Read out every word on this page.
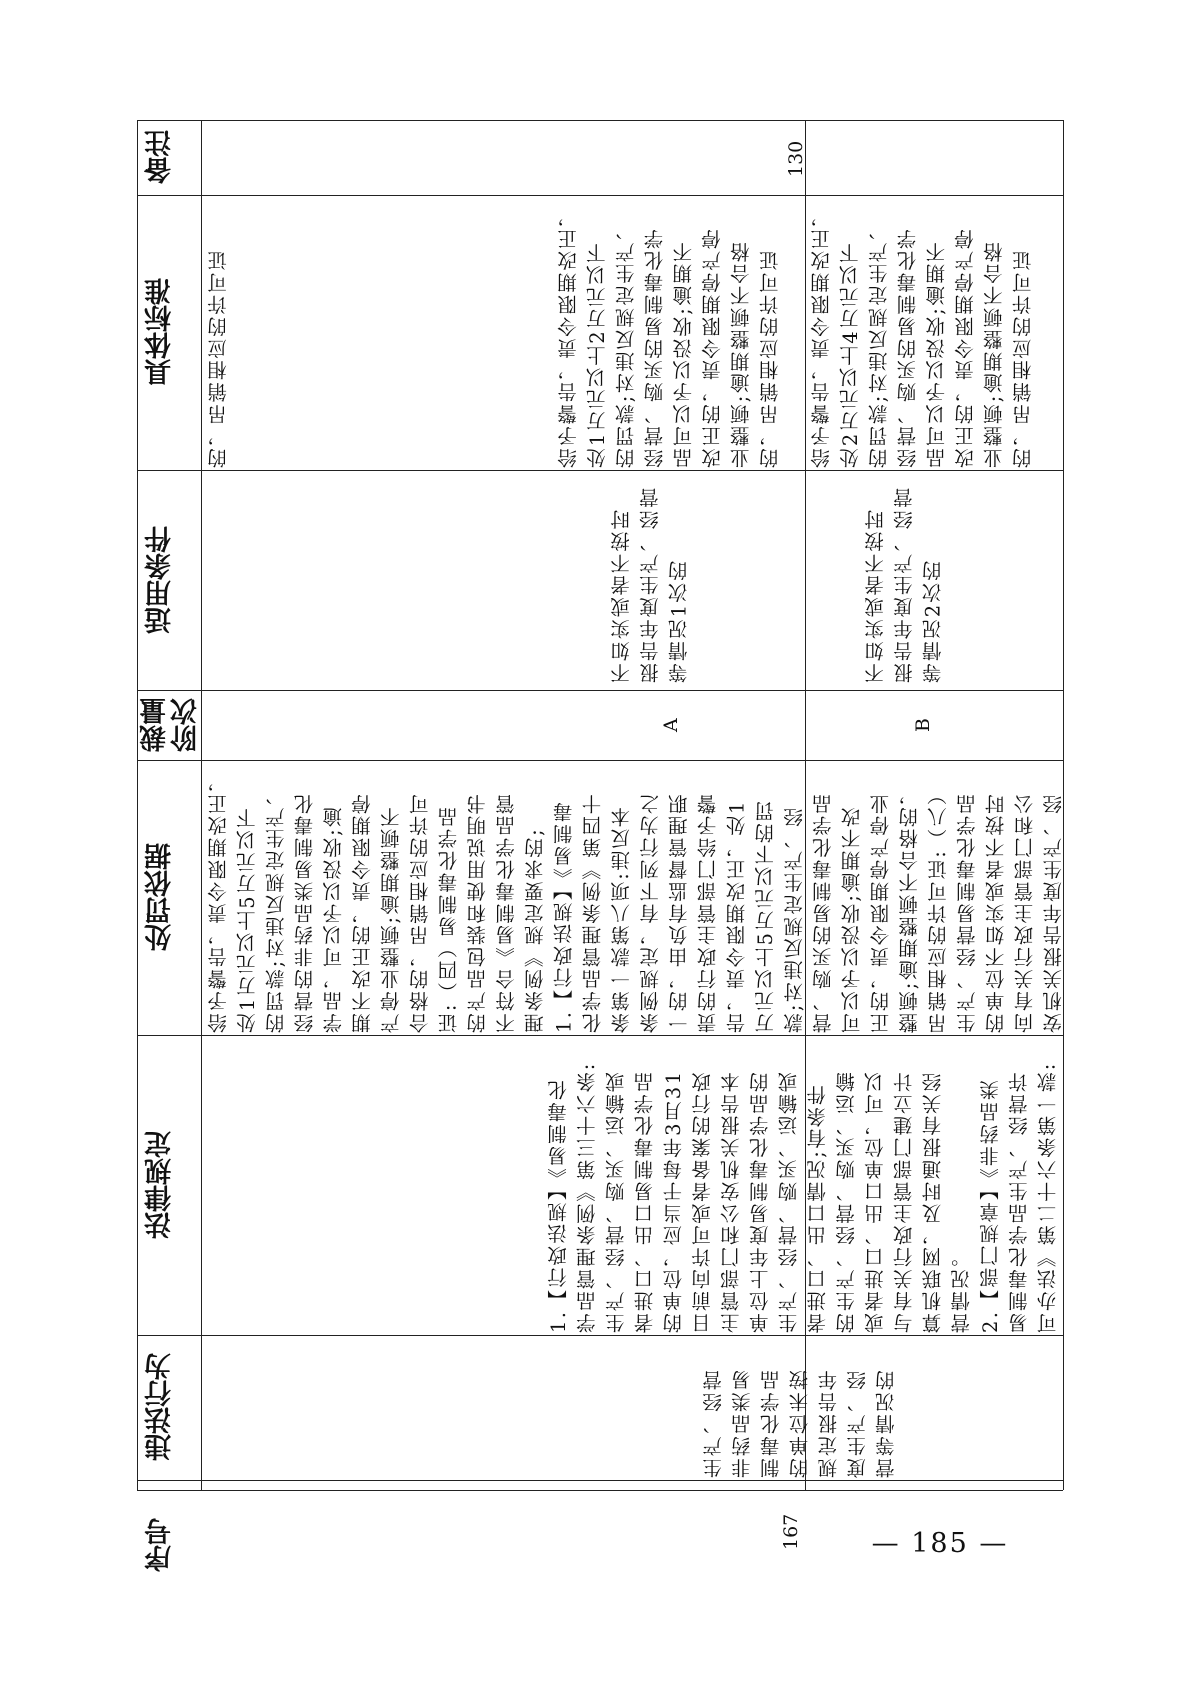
序号
违法行为
法律规定
处罚依据
裁量
阶次
适用条件
具体标准
备注
167
生产、经营
非药品类易
制毒化学品
的单位未按
规定报告年
度生产、经
营等情况的
1.【行政法规】《易制毒化
学品管理条例》第三十六条:
生产、经营、购买、运输或
者进口、出口易制毒化学品
的单位，应当于每年3月31
日前向许可或者备案的行政
主管部门和公安机关报告本
单位上年度易制毒化学品的
生产、经营、购买、运输或
者进口、出口情况;有条件
的生产、经营、购买、运输
或者进口、出口单位，可以
与有关行政主管部门建立计
算机联网，及时通报有关经
营情况。
2.【部门规章】《非药品类
易制毒化学品生产、经营许
可办法》第二十六条第一款:
给予警告，责令限期改正，
处1万元以上5万元以下
的罚款;对违反规定生产、
经营的非药品类易制毒化
学品，可以予以没收;逾
期不改正的，责令限期停
产停业整顿;逾期整顿不
合格的，吊销相应的许可
证:（四）易制毒化学品
的产品包装和使用说明书
不符合《易制毒化学品管
理条例》规定要求的;
1.【行政法规】《易制毒
化学品管理条例》第四十
条第一款第八项:违反本
条例规定，有下列行为之
一的，由负有监督管理职
责的行政主管部门给予警
告，责令限期改正，处1
万元以上5万元以下的罚
款;对违反规定生产、经
营、购买的易制毒化学品
可以予以没收;逾期不改
正的，责令限期停产停业
整顿;逾期整顿不合格的，
吊销相应的许可证:（八）
生产、经营易制毒化学品
的单位不如实或者不按时
向有关行政主管部门和公
安机关报告年度生产、经
的，吊销相应的许可证
130
A
不如实或者不按时
报告年度生产、经营
等情况1次的
给予警告，责令限期改正，
处1万元以上2万元以下
的罚款;对违反规定生产、
经营、购买的易制毒化学
品可以予以没收;逾期不
改正的，责令限期停产停
业整顿;逾期整顿不合格
的，吊销相应的许可证
B
不如实或者不按时
报告年度生产、经营
等情况2次的
给予警告，责令限期改正，
处2万元以上4万元以下
的罚款;对违反规定生产、
经营、购买的易制毒化学
品可以予以没收;逾期不
改正的，责令限期停产停
业整顿;逾期整顿不合格
的，吊销相应的许可证
— 185 —
